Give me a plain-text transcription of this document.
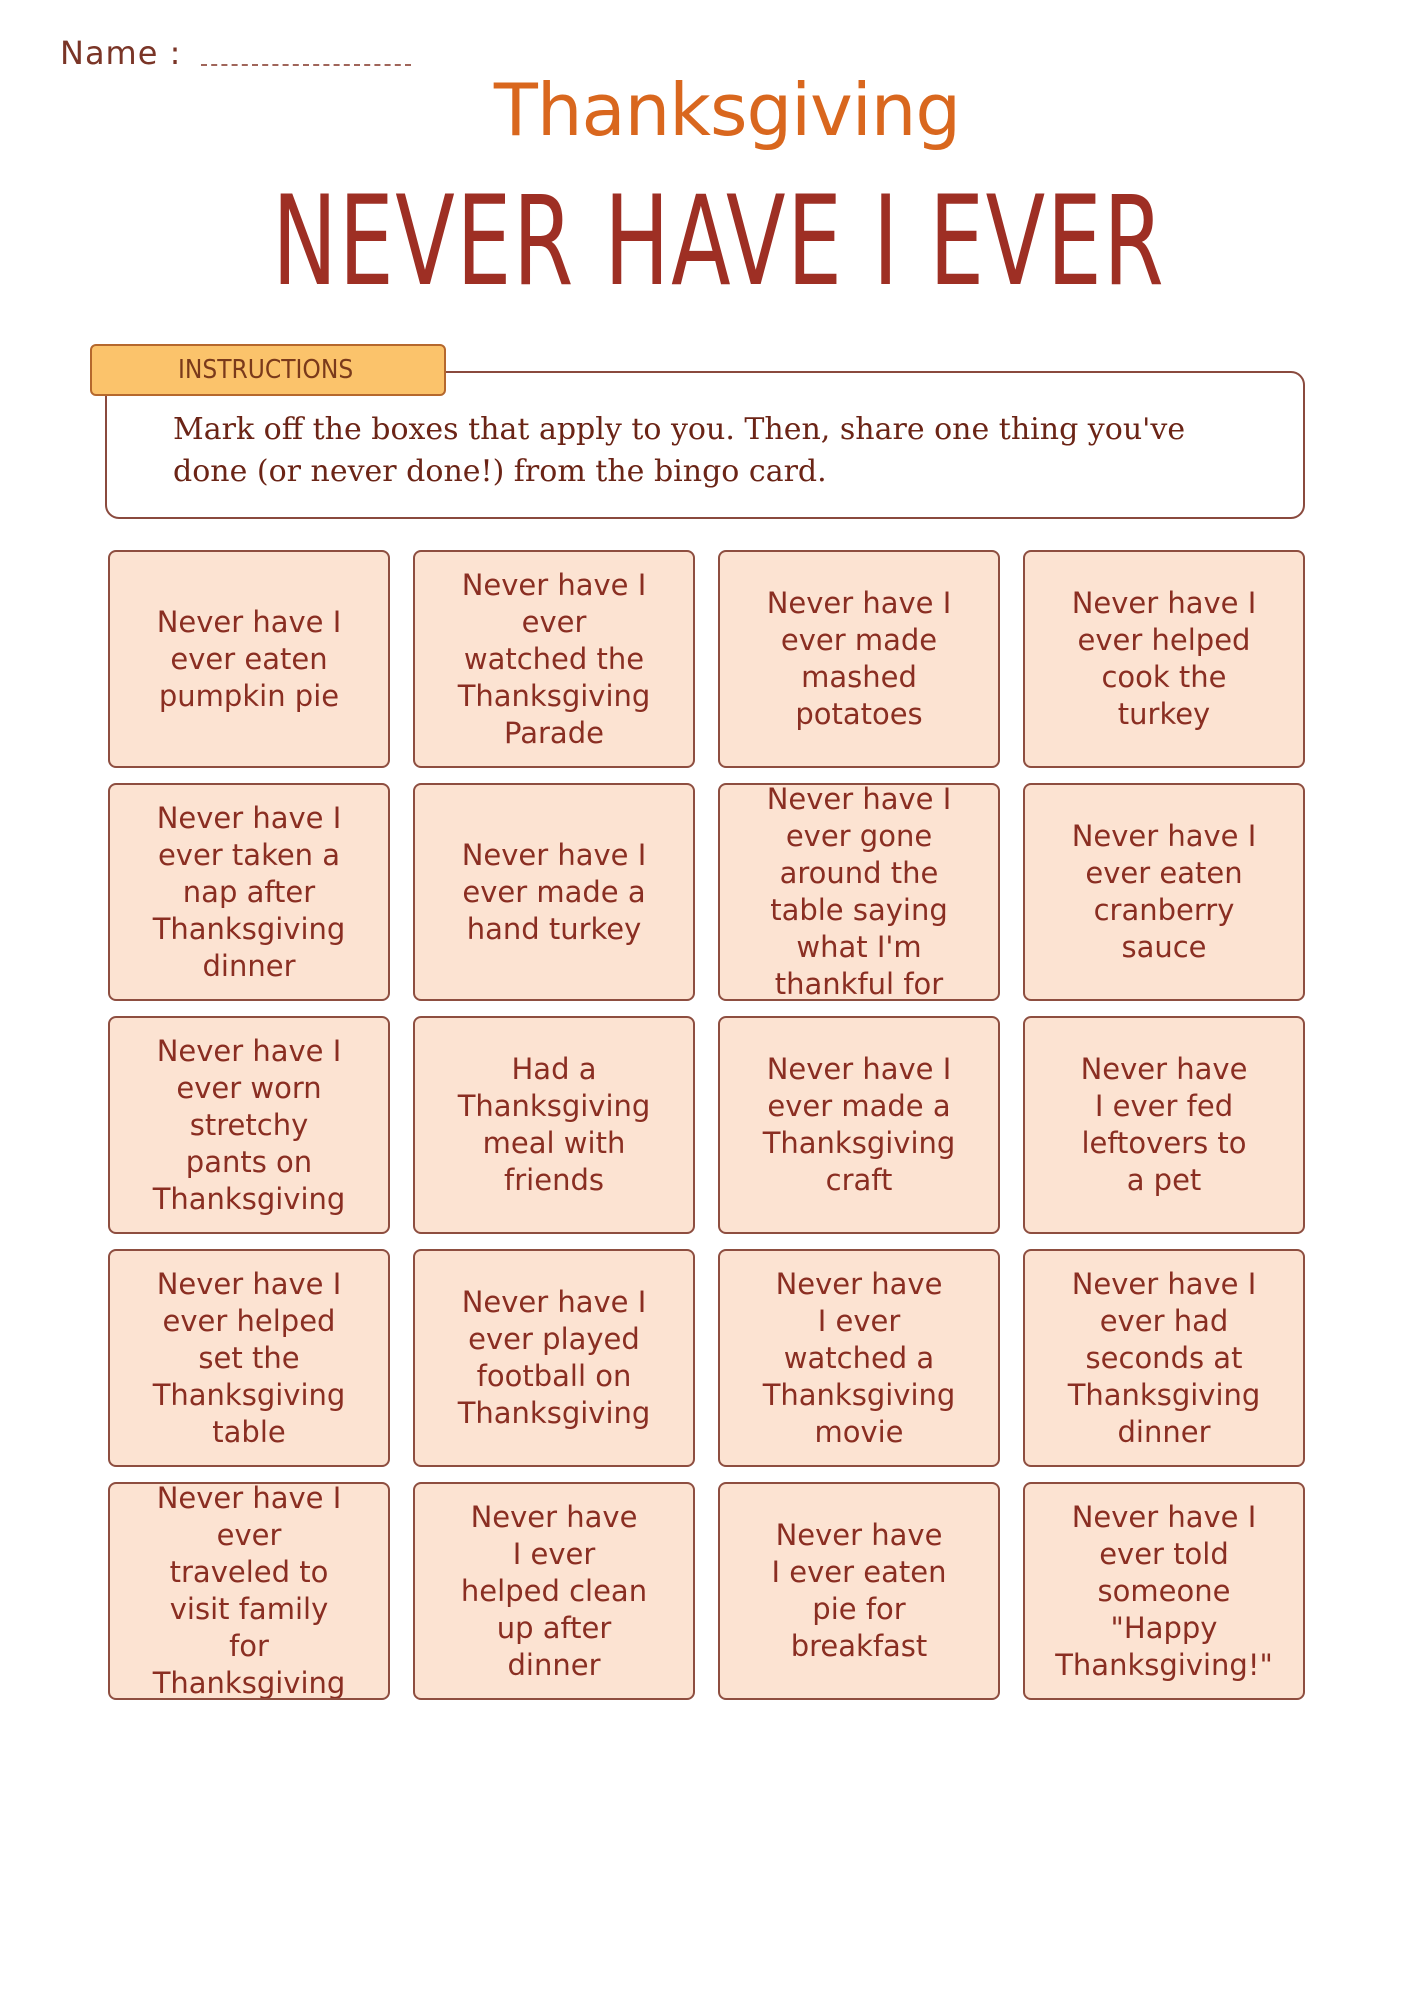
Name :
Thanksgiving
NEVER HAVE I EVER
INSTRUCTIONS
Mark off the boxes that apply to you. Then, share one thing you've done (or never done!) from the bingo card.
Never have I
ever eaten
pumpkin pie
Never have I
ever
watched the
Thanksgiving
Parade
Never have I
ever made
mashed
potatoes
Never have I
ever helped
cook the
turkey
Never have I
ever taken a
nap after
Thanksgiving
dinner
Never have I
ever made a
hand turkey
Never have I
ever gone
around the
table saying
what I'm
thankful for
Never have I
ever eaten
cranberry
sauce
Never have I
ever worn
stretchy
pants on
Thanksgiving
Had a
Thanksgiving
meal with
friends
Never have I
ever made a
Thanksgiving
craft
Never have
I ever fed
leftovers to
a pet
Never have I
ever helped
set the
Thanksgiving
table
Never have I
ever played
football on
Thanksgiving
Never have
I ever
watched a
Thanksgiving
movie
Never have I
ever had
seconds at
Thanksgiving
dinner
Never have I
ever
traveled to
visit family
for
Thanksgiving
Never have
I ever
helped clean
up after
dinner
Never have
I ever eaten
pie for
breakfast
Never have I
ever told
someone
"Happy
Thanksgiving!"
